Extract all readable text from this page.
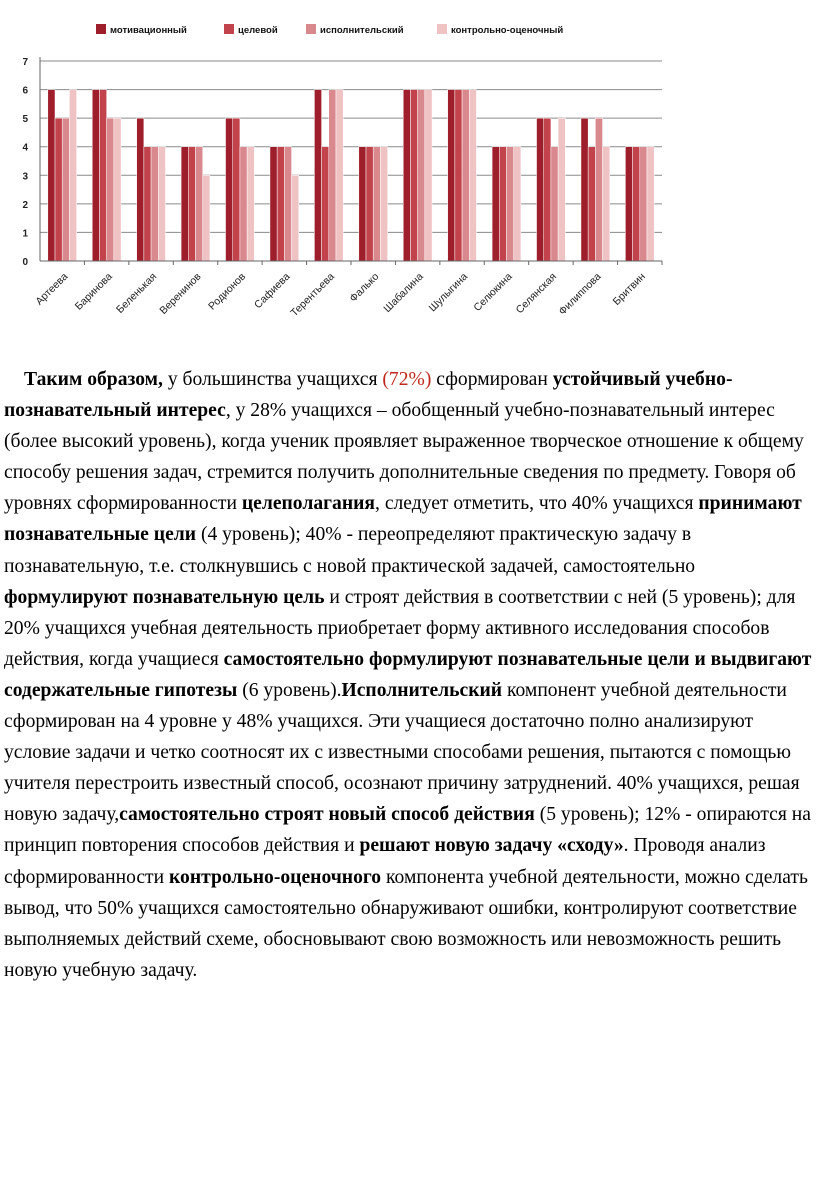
мотивационный	целевой	исполнительский	контрольно-оценочный
0
1
2
3
4
5
6
7
Артеева Баринова Беленькая
Веренинов Родионов Сафиева
Терентьева Фалько Шабалина Шулыгина Селюкина
Селянская
Филиппова Бритвин

Таким образом, у большинства учащихся (72%) сформирован устойчивый учебно-познавательный интерес, у 28% учащихся – обобщенный учебно-познавательный интерес (более высокий уровень), когда ученик проявляет выраженное творческое отношение к общему способу решения задач, стремится получить дополнительные сведения по предмету. Говоря об уровнях сформированности целеполагания, следует отметить, что 40% учащихся принимают познавательные цели (4 уровень); 40% - переопределяют практическую задачу в познавательную, т.е. столкнувшись с новой практической задачей, самостоятельно формулируют познавательную цель и строят действия в соответствии с ней (5 уровень); для 20% учащихся учебная деятельность приобретает форму активного исследования способов действия, когда учащиеся самостоятельно формулируют познавательные цели и выдвигают содержательные гипотезы (6 уровень).Исполнительский компонент учебной деятельности сформирован на 4 уровне у 48% учащихся. Эти учащиеся достаточно полно анализируют условие задачи и четко соотносят их с известными способами решения, пытаются с помощью учителя перестроить известный способ, осознают причину затруднений. 40% учащихся, решая новую задачу,самостоятельно строят новый способ действия (5 уровень); 12% - опираются на принцип повторения способов действия и решают новую задачу «сходу». Проводя анализ сформированности контрольно-оценочного компонента учебной деятельности, можно сделать вывод, что 50% учащихся самостоятельно обнаруживают ошибки, контролируют соответствие выполняемых действий схеме, обосновывают свою возможность или невозможность решить новую учебную задачу.
